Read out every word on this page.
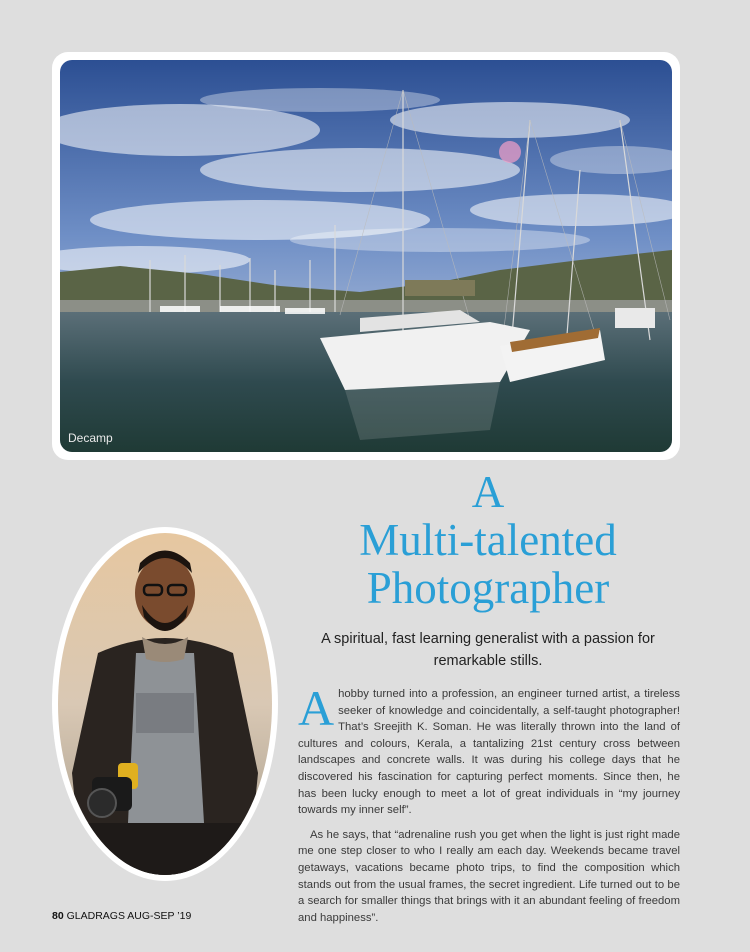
Decamp
A
Multi-talented
Photographer

A spiritual, fast learning generalist with a passion for remarkable stills.

Ahobby turned into a profession, an engineer turned artist, a tireless seeker of knowledge and coincidentally, a self-taught photographer! That’s Sreejith K. Soman. He was literally thrown into the land of cultures and colours, Kerala, a tantalizing 21st century cross between landscapes and concrete walls. It was during his college days that he discovered his fascination for capturing perfect moments. Since then, he has been lucky enough to meet a lot of great individuals in “my journey towards my inner self”.

As he says, that “adrenaline rush you get when the light is just right made me one step closer to who I really am each day. Weekends became travel getaways, vacations became photo trips, to find the composition which stands out from the usual frames, the secret ingredient. Life turned out to be a search for smaller things that brings with it an abundant feeling of freedom and happiness”.

80 GLADRAGS AUG-SEP ’19
